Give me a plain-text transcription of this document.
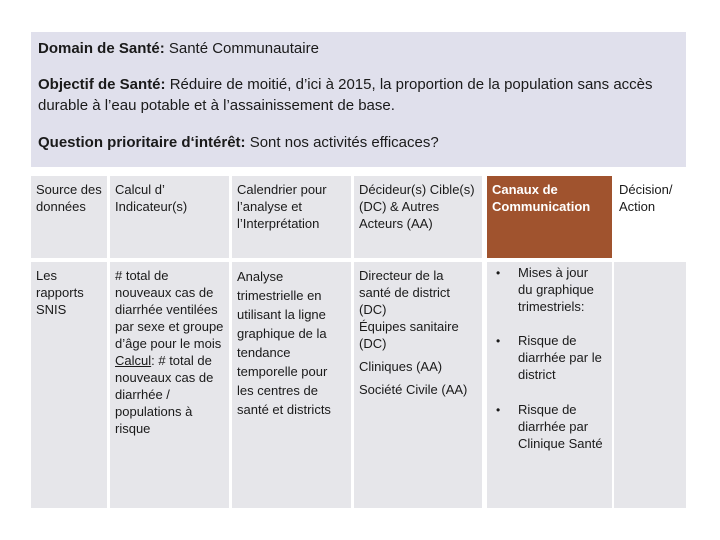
Domain de Santé: Santé Communautaire
Objectif de Santé: Réduire de moitié, d’ici à 2015, la proportion de la population sans accès durable à l’eau potable et à l’assainissement de base.
Question prioritaire d‘intérêt: Sont nos activités efficaces?
Source des données
Calcul d’ Indicateur(s)
Calendrier pour l’analyse et l’Interprétation
Décideur(s) Cible(s) (DC) & Autres Acteurs (AA)
Canaux de Communication
Décision/ Action
Les rapports SNIS
# total de nouveaux cas de diarrhée ventilées par sexe et groupe d’âge pour le mois Calcul: # total de nouveaux cas de diarrhée / populations à risque
Analyse trimestrielle en utilisant la ligne graphique de la tendance temporelle pour les centres de santé et districts
Directeur de la santé de district (DC)
Équipes sanitaire (DC)
Cliniques (AA)
Société Civile (AA)
• Mises à jour du graphique trimestriels:
• Risque de diarrhée par le district
• Risque de diarrhée par Clinique Santé
